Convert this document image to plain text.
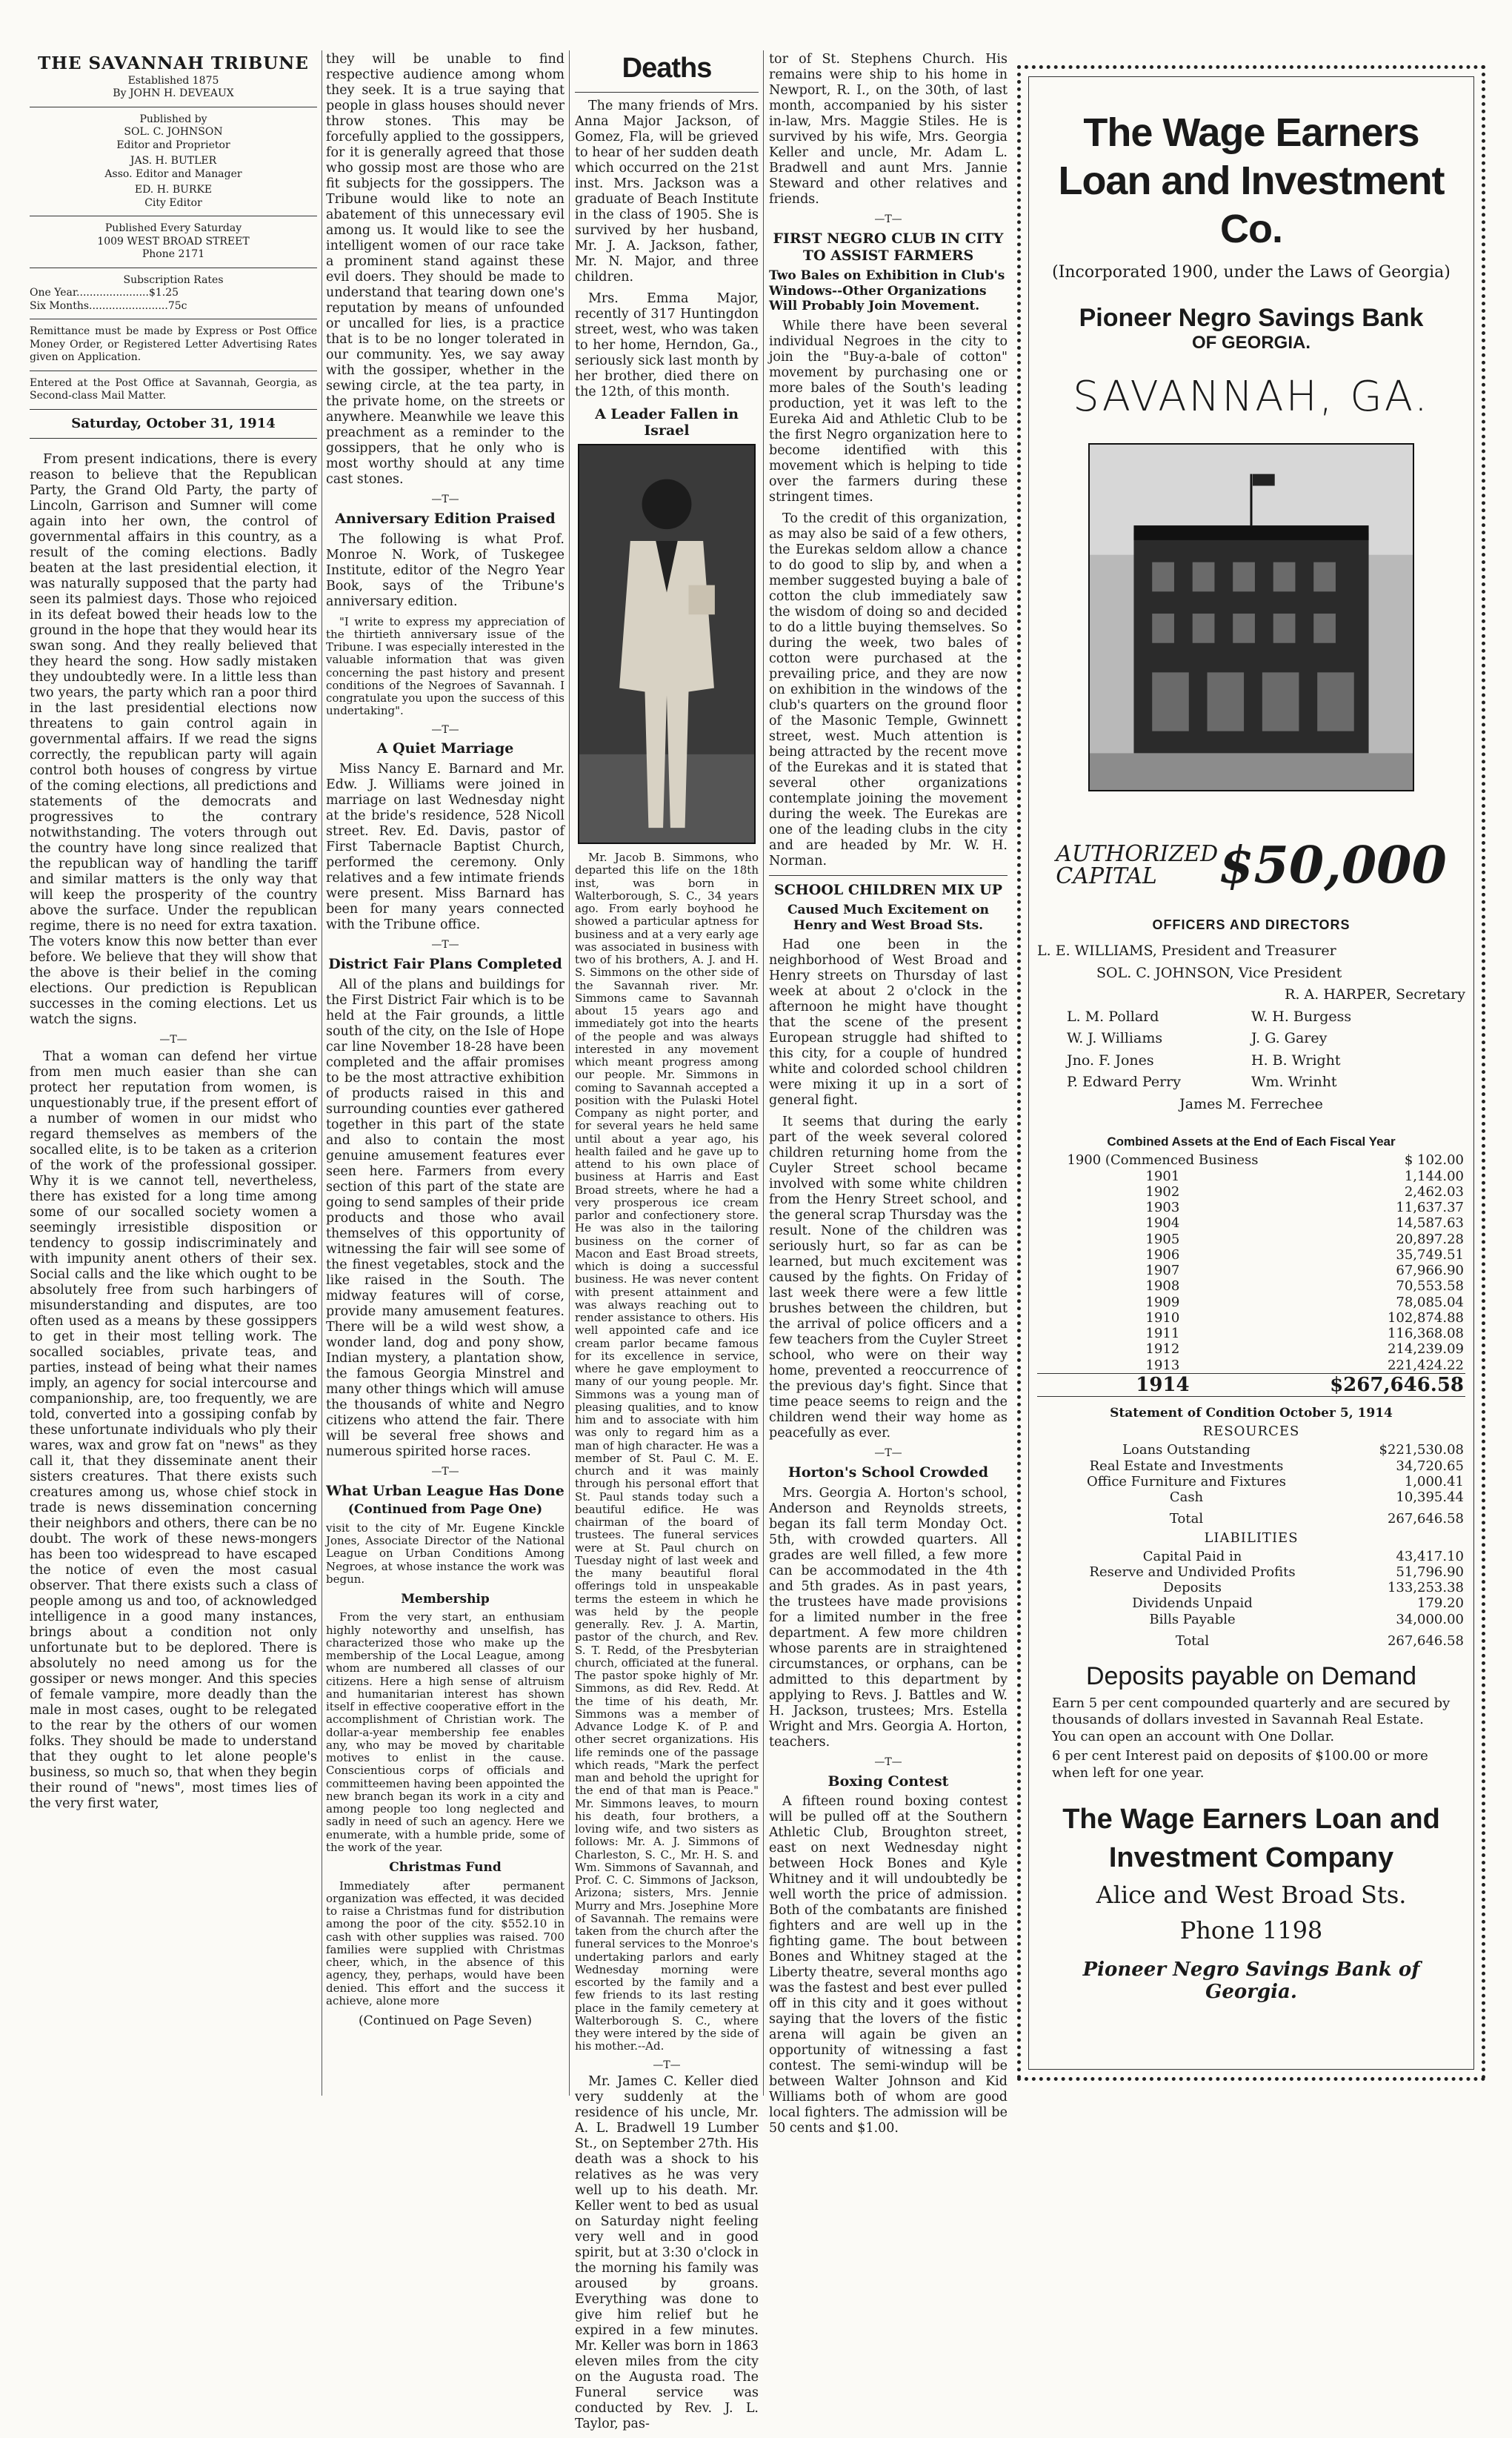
THE SAVANNAH TRIBUNE
Established 1875
By JOHN H. DEVEAUX
Published by
SOL. C. JOHNSON
Editor and Proprietor
JAS. H. BUTLER
Asso. Editor and Manager
ED. H. BURKE
City Editor
Published Every Saturday
1009 WEST BROAD STREET
Phone 2171
Subscription Rates
One Year......................$1.25
Six Months........................75c
Remittance must be made by Express or Post Office Money Order, or Registered Letter Advertising Rates given on Application.
Entered at the Post Office at Savannah, Georgia, as Second-class Mail Matter.
Saturday, October 31, 1914

From present indications, there is every reason to believe that the Republican Party, the Grand Old Party, the party of Lincoln, Garrison and Sumner will come again into her own, the control of governmental affairs in this country, as a result of the coming elections. Badly beaten at the last presidential election, it was naturally supposed that the party had seen its palmiest days. Those who rejoiced in its defeat bowed their heads low to the ground in the hope that they would hear its swan song. And they really believed that they heard the song. How sadly mistaken they undoubtedly were. In a little less than two years, the party which ran a poor third in the last presidential elections now threatens to gain control again in governmental affairs. If we read the signs correctly, the republican party will again control both houses of congress by virtue of the coming elections, all predictions and statements of the democrats and progressives to the contrary notwithstanding. The voters through out the country have long since realized that the republican way of handling the tariff and similar matters is the only way that will keep the prosperity of the country above the surface. Under the republican regime, there is no need for extra taxation. The voters know this now better than ever before. We believe that they will show that the above is their belief in the coming elections. Our prediction is Republican successes in the coming elections. Let us watch the signs.

—T—

That a woman can defend her virtue from men much easier than she can protect her reputation from women, is unquestionably true, if the present effort of a number of women in our midst who regard themselves as members of the socalled elite, is to be taken as a criterion of the work of the professional gossiper. Why it is we cannot tell, nevertheless, there has existed for a long time among some of our socalled society women a seemingly irresistible disposition or tendency to gossip indiscriminately and with impunity anent others of their sex. Social calls and the like which ought to be absolutely free from such harbingers of misunderstanding and disputes, are too often used as a means by these gossippers to get in their most telling work. The socalled sociables, private teas, and parties, instead of being what their names imply, an agency for social intercourse and companionship, are, too frequently, we are told, converted into a gossiping confab by these unfortunate individuals who ply their wares, wax and grow fat on "news" as they call it, that they disseminate anent their sisters creatures. That there exists such creatures among us, whose chief stock in trade is news dissemination concerning their neighbors and others, there can be no doubt. The work of these news-mongers has been too widespread to have escaped the notice of even the most casual observer. That there exists such a class of people among us and too, of acknowledged intelligence in a good many instances, brings about a condition not only unfortunate but to be deplored. There is absolutely no need among us for the gossiper or news monger. And this species of female vampire, more deadly than the male in most cases, ought to be relegated to the rear by the others of our women folks. They should be made to understand that they ought to let alone people's business, so much so, that when they begin their round of "news", most times lies of the very first water,

they will be unable to find respective audience among whom they seek. It is a true saying that people in glass houses should never throw stones. This may be forcefully applied to the gossippers, for it is generally agreed that those who gossip most are those who are fit subjects for the gossippers. The Tribune would like to note an abatement of this unnecessary evil among us. It would like to see the intelligent women of our race take a prominent stand against these evil doers. They should be made to understand that tearing down one's reputation by means of unfounded or uncalled for lies, is a practice that is to be no longer tolerated in our community. Yes, we say away with the gossiper, whether in the sewing circle, at the tea party, in the private home, on the streets or anywhere. Meanwhile we leave this preachment as a reminder to the gossippers, that he only who is most worthy should at any time cast stones.

—T—
Anniversary Edition Praised

The following is what Prof. Monroe N. Work, of Tuskegee Institute, editor of the Negro Year Book, says of the Tribune's anniversary edition.

"I write to express my appreciation of the thirtieth anniversary issue of the Tribune. I was especially interested in the valuable information that was given concerning the past history and present conditions of the Negroes of Savannah. I congratulate you upon the success of this undertaking".

—T—
A Quiet Marriage

Miss Nancy E. Barnard and Mr. Edw. J. Williams were joined in marriage on last Wednesday night at the bride's residence, 528 Nicoll street. Rev. Ed. Davis, pastor of First Tabernacle Baptist Church, performed the ceremony. Only relatives and a few intimate friends were present. Miss Barnard has been for many years connected with the Tribune office.

—T—
District Fair Plans Completed

All of the plans and buildings for the First District Fair which is to be held at the Fair grounds, a little south of the city, on the Isle of Hope car line November 18-28 have been completed and the affair promises to be the most attractive exhibition of products raised in this and surrounding counties ever gathered together in this part of the state and also to contain the most genuine amusement features ever seen here. Farmers from every section of this part of the state are going to send samples of their pride products and those who avail themselves of this opportunity of witnessing the fair will see some of the finest vegetables, stock and the like raised in the South. The midway features will of corse, provide many amusement features. There will be a wild west show, a wonder land, dog and pony show, Indian mystery, a plantation show, the famous Georgia Minstrel and many other things which will amuse the thousands of white and Negro citizens who attend the fair. There will be several free shows and numerous spirited horse races.

—T—
What Urban League Has Done
(Continued from Page One)

visit to the city of Mr. Eugene Kinckle Jones, Associate Director of the National League on Urban Conditions Among Negroes, at whose instance the work was begun.

Membership

From the very start, an enthusiam highly noteworthy and unselfish, has characterized those who make up the membership of the Local League, among whom are numbered all classes of our citizens. Here a high sense of altruism and humanitarian interest has shown itself in effective cooperative effort in the accomplishment of Christian work. The dollar-a-year membership fee enables any, who may be moved by charitable motives to enlist in the cause. Conscientious corps of officials and committeemen having been appointed the new branch began its work in a city and among people too long neglected and sadly in need of such an agency. Here we enumerate, with a humble pride, some of the work of the year.

Christmas Fund

Immediately after permanent organization was effected, it was decided to raise a Christmas fund for distribution among the poor of the city. $552.10 in cash with other supplies was raised. 700 families were supplied with Christmas cheer, which, in the absence of this agency, they, perhaps, would have been denied. This effort and the success it achieve, alone more

(Continued on Page Seven)
Deaths

The many friends of Mrs. Anna Major Jackson, of Gomez, Fla, will be grieved to hear of her sudden death which occurred on the 21st inst. Mrs. Jackson was a graduate of Beach Institute in the class of 1905. She is survived by her husband, Mr. J. A. Jackson, father, Mr. N. Major, and three children.

Mrs. Emma Major, recently of 317 Huntingdon street, west, who was taken to her home, Herndon, Ga., seriously sick last month by her brother, died there on the 12th, of this month.

A Leader Fallen in Israel

Mr. Jacob B. Simmons, who departed this life on the 18th inst, was born in Walterborough, S. C., 34 years ago. From early boyhood he showed a particular aptness for business and at a very early age was associated in business with two of his brothers, A. J. and H. S. Simmons on the other side of the Savannah river. Mr. Simmons came to Savannah about 15 years ago and immediately got into the hearts of the people and was always interested in any movement which meant progress among our people. Mr. Simmons in coming to Savannah accepted a position with the Pulaski Hotel Company as night porter, and for several years he held same until about a year ago, his health failed and he gave up to attend to his own place of business at Harris and East Broad streets, where he had a very prosperous ice cream parlor and confectionery store. He was also in the tailoring business on the corner of Macon and East Broad streets, which is doing a successful business. He was never content with present attainment and was always reaching out to render assistance to others. His well appointed cafe and ice cream parlor became famous for its excellence in service, where he gave employment to many of our young people. Mr. Simmons was a young man of pleasing qualities, and to know him and to associate with him was only to regard him as a man of high character. He was a member of St. Paul C. M. E. church and it was mainly through his personal effort that St. Paul stands today such a beautiful edifice. He was chairman of the board of trustees. The funeral services were at St. Paul church on Tuesday night of last week and the many beautiful floral offerings told in unspeakable terms the esteem in which he was held by the people generally. Rev. J. A. Martin, pastor of the church, and Rev. S. T. Redd, of the Presbyterian church, officiated at the funeral. The pastor spoke highly of Mr. Simmons, as did Rev. Redd. At the time of his death, Mr. Simmons was a member of Advance Lodge K. of P. and other secret organizations. His life reminds one of the passage which reads, "Mark the perfect man and behold the upright for the end of that man is Peace." Mr. Simmons leaves, to mourn his death, four brothers, a loving wife, and two sisters as follows: Mr. A. J. Simmons of Charleston, S. C., Mr. H. S. and Wm. Simmons of Savannah, and Prof. C. C. Simmons of Jackson, Arizona; sisters, Mrs. Jennie Murry and Mrs. Josephine More of Savannah. The remains were taken from the church after the funeral services to the Monroe's undertaking parlors and early Wednesday morning were escorted by the family and a few friends to its last resting place in the family cemetery at Walterborough S. C., where they were intered by the side of his mother.--Ad.

—T—

Mr. James C. Keller died very suddenly at the residence of his uncle, Mr. A. L. Bradwell 19 Lumber St., on September 27th. His death was a shock to his relatives as he was very well up to his death. Mr. Keller went to bed as usual on Saturday night feeling very well and in good spirit, but at 3:30 o'clock in the morning his family was aroused by groans. Everything was done to give him relief but he expired in a few minutes. Mr. Keller was born in 1863 eleven miles from the city on the Augusta road. The Funeral service was conducted by Rev. J. L. Taylor, pas-

tor of St. Stephens Church. His remains were ship to his home in Newport, R. I., on the 30th, of last month, accompanied by his sister in-law, Mrs. Maggie Stiles. He is survived by his wife, Mrs. Georgia Keller and uncle, Mr. Adam L. Bradwell and aunt Mrs. Jannie Steward and other relatives and friends.

—T—
FIRST NEGRO CLUB IN CITY TO ASSIST FARMERS
Two Bales on Exhibition in Club's Windows--Other Organizations Will Probably Join Movement.

While there have been several individual Negroes in the city to join the "Buy-a-bale of cotton" movement by purchasing one or more bales of the South's leading production, yet it was left to the Eureka Aid and Athletic Club to be the first Negro organization here to become identified with this movement which is helping to tide over the farmers during these stringent times.

To the credit of this organization, as may also be said of a few others, the Eurekas seldom allow a chance to do good to slip by, and when a member suggested buying a bale of cotton the club immediately saw the wisdom of doing so and decided to do a little buying themselves. So during the week, two bales of cotton were purchased at the prevailing price, and they are now on exhibition in the windows of the club's quarters on the ground floor of the Masonic Temple, Gwinnett street, west. Much attention is being attracted by the recent move of the Eurekas and it is stated that several other organizations contemplate joining the movement during the week. The Eurekas are one of the leading clubs in the city and are headed by Mr. W. H. Norman.

SCHOOL CHILDREN MIX UP
Caused Much Excitement on Henry and West Broad Sts.

Had one been in the neighborhood of West Broad and Henry streets on Thursday of last week at about 2 o'clock in the afternoon he might have thought that the scene of the present European struggle had shifted to this city, for a couple of hundred white and colorded school children were mixing it up in a sort of general fight.

It seems that during the early part of the week several colored children returning home from the Cuyler Street school became involved with some white children from the Henry Street school, and the general scrap Thursday was the result. None of the children was seriously hurt, so far as can be learned, but much excitement was caused by the fights. On Friday of last week there were a few little brushes between the children, but the arrival of police officers and a few teachers from the Cuyler Street school, who were on their way home, prevented a reoccurrence of the previous day's fight. Since that time peace seems to reign and the children wend their way home as peacefully as ever.

—T—
Horton's School Crowded

Mrs. Georgia A. Horton's school, Anderson and Reynolds streets, began its fall term Monday Oct. 5th, with crowded quarters. All grades are well filled, a few more can be accommodated in the 4th and 5th grades. As in past years, the trustees have made provisions for a limited number in the free department. A few more children whose parents are in straightened circumstances, or orphans, can be admitted to this department by applying to Revs. J. Battles and W. H. Jackson, trustees; Mrs. Estella Wright and Mrs. Georgia A. Horton, teachers.

—T—
Boxing Contest

A fifteen round boxing contest will be pulled off at the Southern Athletic Club, Broughton street, east on next Wednesday night between Hock Bones and Kyle Whitney and it will undoubtedly be well worth the price of admission. Both of the combatants are finished fighters and are well up in the fighting game. The bout between Bones and Whitney staged at the Liberty theatre, several months ago was the fastest and best ever pulled off in this city and it goes without saying that the lovers of the fistic arena will again be given an opportunity of witnessing a fast contest. The semi-windup will be between Walter Johnson and Kid Williams both of whom are good local fighters. The admission will be 50 cents and $1.00.

The Wage Earners Loan and Investment Co.
(Incorporated 1900, under the Laws of Georgia)
Pioneer Negro Savings Bank
OF GEORGIA.
SAVANNAH, GA.
AUTHORIZED CAPITAL	$50,000
OFFICERS AND DIRECTORS
L. E. WILLIAMS, President and Treasurer
SOL. C. JOHNSON, Vice President
R. A. HARPER, Secretary
L. M. Pollard	W. H. Burgess
W. J. Williams	J. G. Garey
Jno. F. Jones	H. B. Wright
P. Edward Perry	Wm. Wrinht
James M. Ferrechee
Combined Assets at the End of Each Fiscal Year
1900 (Commenced Business	$ 102.00
1901	1,144.00
1902	2,462.03
1903	11,637.37
1904	14,587.63
1905	20,897.28
1906	35,749.51
1907	67,966.90
1908	70,553.58
1909	78,085.04
1910	102,874.88
1911	116,368.08
1912	214,239.09
1913	221,424.22
1914	$267,646.58
Statement of Condition October 5, 1914
RESOURCES
Loans Outstanding	$221,530.08
Real Estate and Investments	34,720.65
Office Furniture and Fixtures	1,000.41
Cash	10,395.44
Total	267,646.58
LIABILITIES
Capital Paid in	43,417.10
Reserve and Undivided Profits	51,796.90
Deposits	133,253.38
Dividends Unpaid	179.20
Bills Payable	34,000.00
Total	267,646.58
Deposits payable on Demand
Earn 5 per cent compounded quarterly and are secured by thousands of dollars invested in Savannah Real Estate. You can open an account with One Dollar.
6 per cent Interest paid on deposits of $100.00 or more when left for one year.
The Wage Earners Loan and Investment Company
Alice and West Broad Sts.
Phone 1198
Pioneer Negro Savings Bank of Georgia.
